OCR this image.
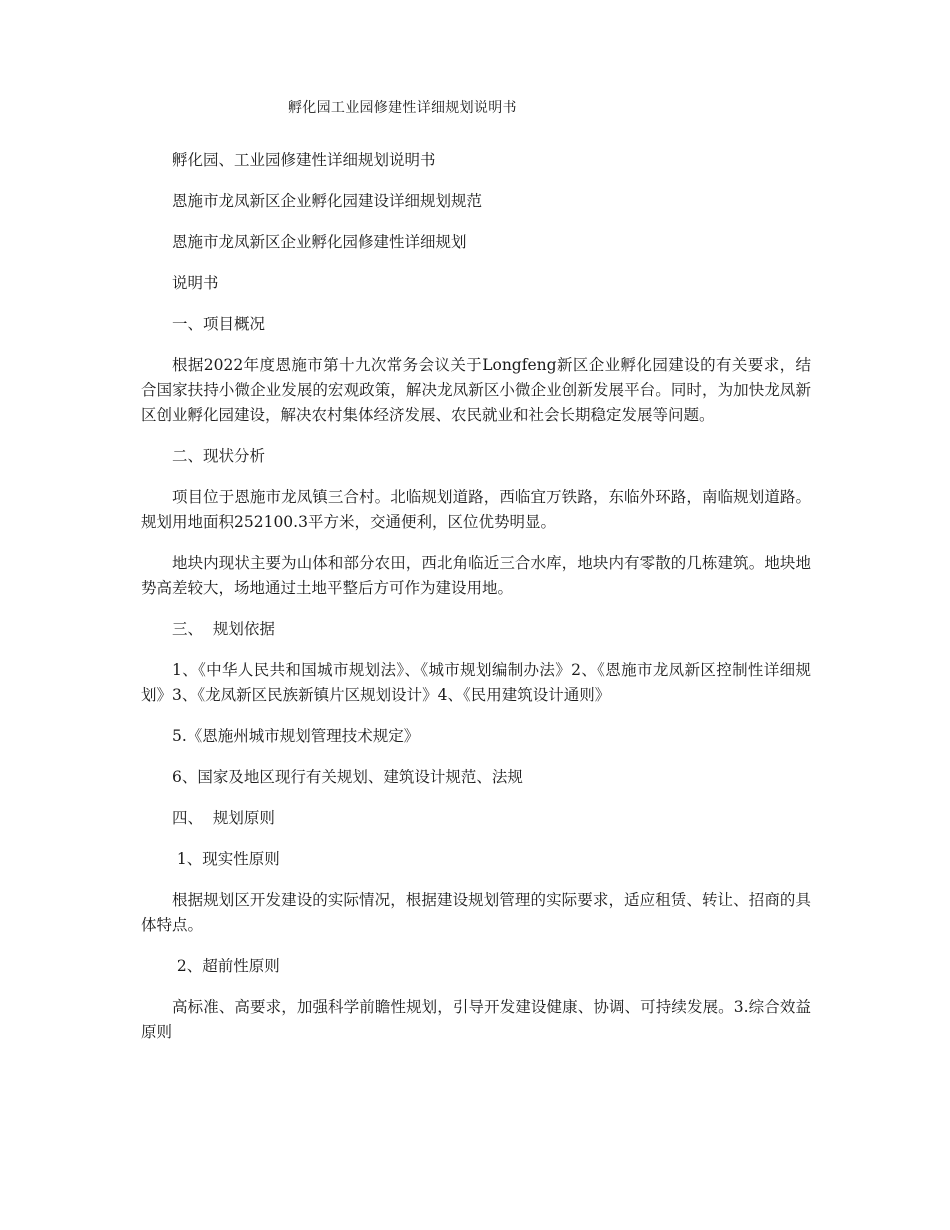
孵化园工业园修建性详细规划说明书

孵化园、工业园修建性详细规划说明书

恩施市龙凤新区企业孵化园建设详细规划规范

恩施市龙凤新区企业孵化园修建性详细规划

说明书

一、项目概况

根据2022年度恩施市第十九次常务会议关于Longfeng新区企业孵化园建设的有关要求，结合国家扶持小微企业发展的宏观政策，解决龙凤新区小微企业创新发展平台。同时，为加快龙凤新区创业孵化园建设，解决农村集体经济发展、农民就业和社会长期稳定发展等问题。

二、现状分析

项目位于恩施市龙凤镇三合村。北临规划道路，西临宜万铁路，东临外环路，南临规划道路。规划用地面积252100.3平方米，交通便利，区位优势明显。

地块内现状主要为山体和部分农田，西北角临近三合水库，地块内有零散的几栋建筑。地块地势高差较大，场地通过土地平整后方可作为建设用地。

三、  规划依据

1、《中华人民共和国城市规划法》、《城市规划编制办法》2、《恩施市龙凤新区控制性详细规划》3、《龙凤新区民族新镇片区规划设计》4、《民用建筑设计通则》

5.《恩施州城市规划管理技术规定》

6、国家及地区现行有关规划、建筑设计规范、法规

四、  规划原则

1、现实性原则

根据规划区开发建设的实际情况，根据建设规划管理的实际要求，适应租赁、转让、招商的具体特点。

2、超前性原则

高标准、高要求，加强科学前瞻性规划，引导开发建设健康、协调、可持续发展。3.综合效益原则
